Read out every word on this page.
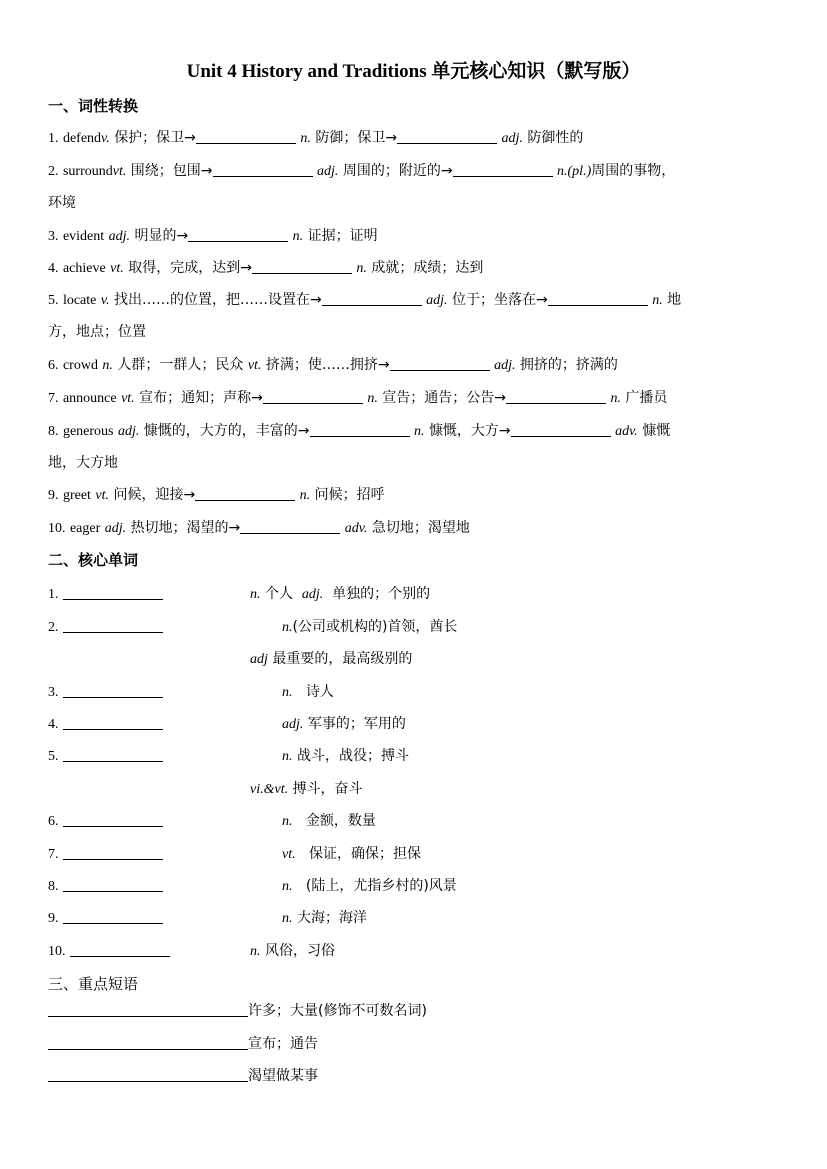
Unit 4 History and Traditions 单元核心知识（默写版）
一、词性转换
1. defendv. 保护；保卫→	n. 防御；保卫→	adj. 防御性的
2. surroundvt. 围绕；包围→	adj. 周围的；附近的→	n.(pl.)周围的事物，
环境
3. evident adj. 明显的→	n. 证据；证明
4. achieve vt. 取得，完成，达到→	n. 成就；成绩；达到
5. locate v. 找出……的位置，把……设置在→	adj. 位于；坐落在→	n. 地
方，地点；位置
6. crowd n. 人群；一群人；民众 vt. 挤满；使……拥挤→	adj. 拥挤的；挤满的
7. announce vt. 宣布；通知；声称→	n. 宣告；通告；公告→	n. 广播员
8. generous adj. 慷慨的，大方的，丰富的→	n. 慷慨，大方→	adv. 慷慨
地，大方地
9. greet vt. 问候，迎接→	n. 问候；招呼
10. eager adj. 热切地；渴望的→	adv. 急切地；渴望地
二、核心单词
1.	n. 个人 adj. 单独的；个别的
2.	n.(公司或机构的)首领，酋长
adj 最重要的，最高级别的
3.	n. 诗人
4.	adj. 军事的；军用的
5.	n. 战斗，战役；搏斗
vi.&vt. 搏斗，奋斗
6.	n. 金额，数量
7.	vt. 保证，确保；担保
8.	n. (陆上，尤指乡村的)风景
9.	n. 大海；海洋
10.	n. 风俗，习俗
三、重点短语
许多；大量(修饰不可数名词)
宣布；通告
渴望做某事
